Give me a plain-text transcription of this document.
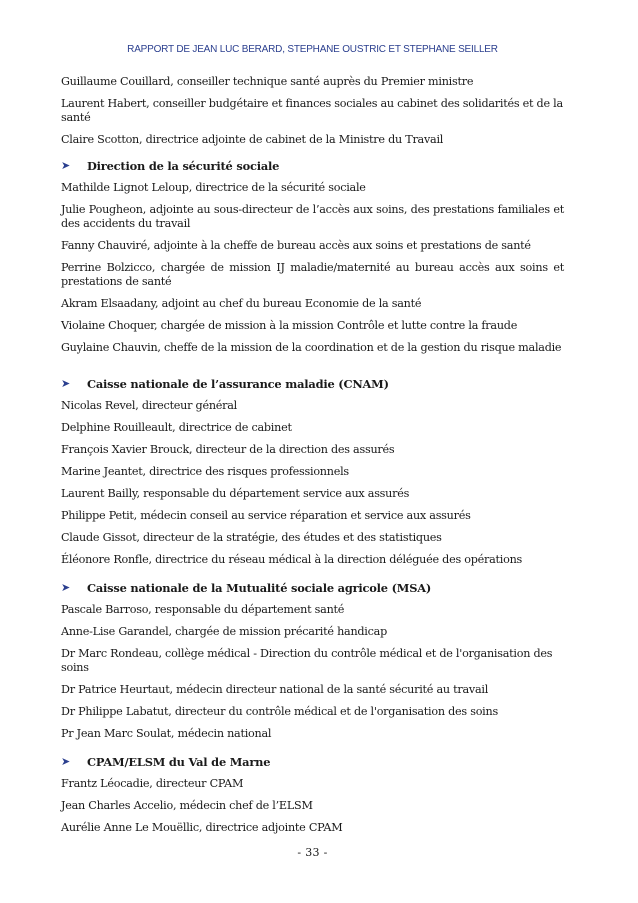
RAPPORT DE JEAN LUC BERARD, STEPHANE OUSTRIC ET STEPHANE SEILLER

Guillaume Couillard, conseiller technique santé auprès du Premier ministre

Laurent Habert, conseiller budgétaire et finances sociales au cabinet des solidarités et de la santé

Claire Scotton, directrice adjointe de cabinet de la Ministre du Travail

➤	Direction de la sécurité sociale

Mathilde Lignot Leloup, directrice de la sécurité sociale

Julie Pougheon, adjointe au sous-directeur de l’accès aux soins, des prestations familiales et des accidents du travail

Fanny Chauviré, adjointe à la cheffe de bureau accès aux soins et prestations de santé

Perrine Bolzicco, chargée de mission IJ maladie/maternité au bureau accès aux soins et prestations de santé

Akram Elsaadany, adjoint au chef du bureau Economie de la santé

Violaine Choquer, chargée de mission à la mission Contrôle et lutte contre la fraude

Guylaine Chauvin, cheffe de la mission de la coordination et de la gestion du risque maladie

➤	Caisse nationale de l’assurance maladie (CNAM)

Nicolas Revel, directeur général

Delphine Rouilleault, directrice de cabinet

François Xavier Brouck, directeur de la direction des assurés

Marine Jeantet, directrice des risques professionnels

Laurent Bailly, responsable du département service aux assurés

Philippe Petit, médecin conseil au service réparation et service aux assurés

Claude Gissot, directeur de la stratégie, des études et des statistiques

Éléonore Ronfle, directrice du réseau médical à la direction déléguée des opérations

➤	Caisse nationale de la Mutualité sociale agricole (MSA)

Pascale Barroso, responsable du département santé

Anne-Lise Garandel, chargée de mission précarité handicap

Dr Marc Rondeau, collège médical - Direction du contrôle médical et de l'organisation des soins

Dr Patrice Heurtaut, médecin directeur national de la santé sécurité au travail

Dr Philippe Labatut, directeur du contrôle médical et de l'organisation des soins

Pr Jean Marc Soulat, médecin national

➤	CPAM/ELSM du Val de Marne

Frantz Léocadie, directeur CPAM

Jean Charles Accelio, médecin chef de l’ELSM

Aurélie Anne Le Mouëllic, directrice adjointe CPAM

- 33 -
